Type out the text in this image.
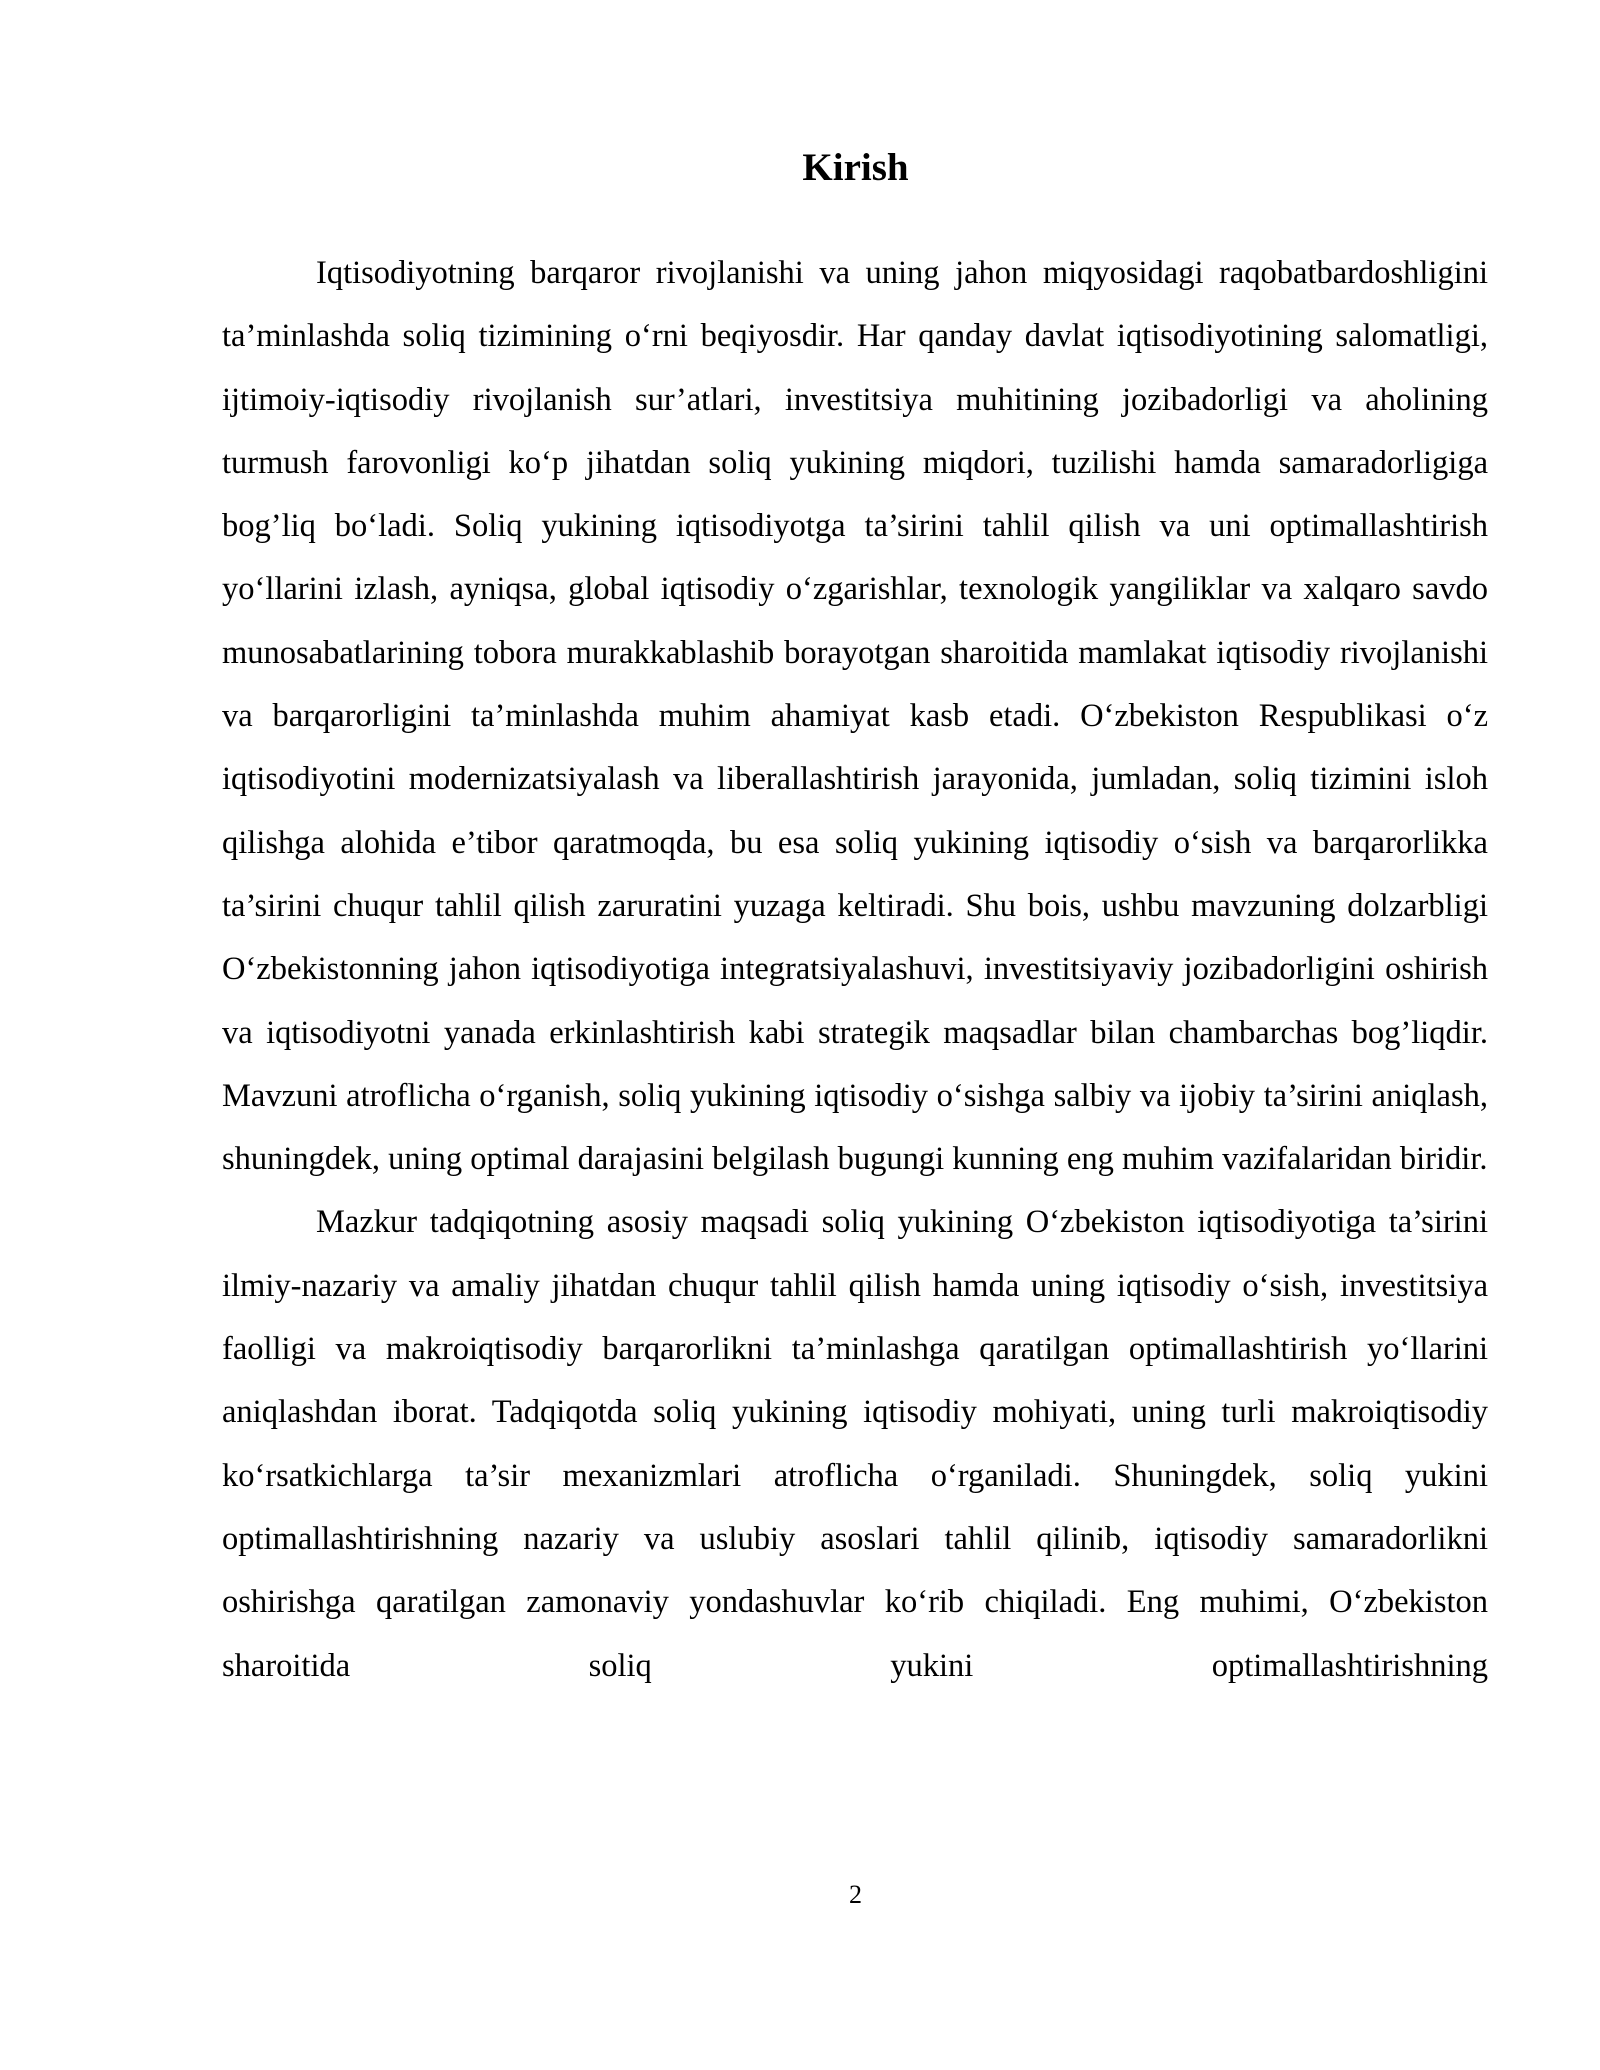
Kirish

Iqtisodiyotning barqaror rivojlanishi va uning jahon miqyosidagi raqobatbardoshligini ta’minlashda soliq tizimining o‘rni beqiyosdir. Har qanday davlat iqtisodiyotining salomatligi, ijtimoiy-iqtisodiy rivojlanish sur’atlari, investitsiya muhitining jozibadorligi va aholining turmush farovonligi ko‘p jihatdan soliq yukining miqdori, tuzilishi hamda samaradorligiga bog’liq bo‘ladi. Soliq yukining iqtisodiyotga ta’sirini tahlil qilish va uni optimallashtirish yo‘llarini izlash, ayniqsa, global iqtisodiy o‘zgarishlar, texnologik yangiliklar va xalqaro savdo munosabatlarining tobora murakkablashib borayotgan sharoitida mamlakat iqtisodiy rivojlanishi va barqarorligini ta’minlashda muhim ahamiyat kasb etadi. O‘zbekiston Respublikasi o‘z iqtisodiyotini modernizatsiyalash va liberallashtirish jarayonida, jumladan, soliq tizimini isloh qilishga alohida e’tibor qaratmoqda, bu esa soliq yukining iqtisodiy o‘sish va barqarorlikka ta’sirini chuqur tahlil qilish zaruratini yuzaga keltiradi. Shu bois, ushbu mavzuning dolzarbligi O‘zbekistonning jahon iqtisodiyotiga integratsiyalashuvi, investitsiyaviy jozibadorligini oshirish va iqtisodiyotni yanada erkinlashtirish kabi strategik maqsadlar bilan chambarchas bog’liqdir. Mavzuni atroflicha o‘rganish, soliq yukining iqtisodiy o‘sishga salbiy va ijobiy ta’sirini aniqlash, shuningdek, uning optimal darajasini belgilash bugungi kunning eng muhim vazifalaridan biridir.

Mazkur tadqiqotning asosiy maqsadi soliq yukining O‘zbekiston iqtisodiyotiga ta’sirini ilmiy-nazariy va amaliy jihatdan chuqur tahlil qilish hamda uning iqtisodiy o‘sish, investitsiya faolligi va makroiqtisodiy barqarorlikni ta’minlashga qaratilgan optimallashtirish yo‘llarini aniqlashdan iborat. Tadqiqotda soliq yukining iqtisodiy mohiyati, uning turli makroiqtisodiy ko‘rsatkichlarga ta’sir mexanizmlari atroflicha o‘rganiladi. Shuningdek, soliq yukini optimallashtirishning nazariy va uslubiy asoslari tahlil qilinib, iqtisodiy samaradorlikni oshirishga qaratilgan zamonaviy yondashuvlar ko‘rib chiqiladi. Eng muhimi, O‘zbekiston sharoitida soliq yukini optimallashtirishning

2
